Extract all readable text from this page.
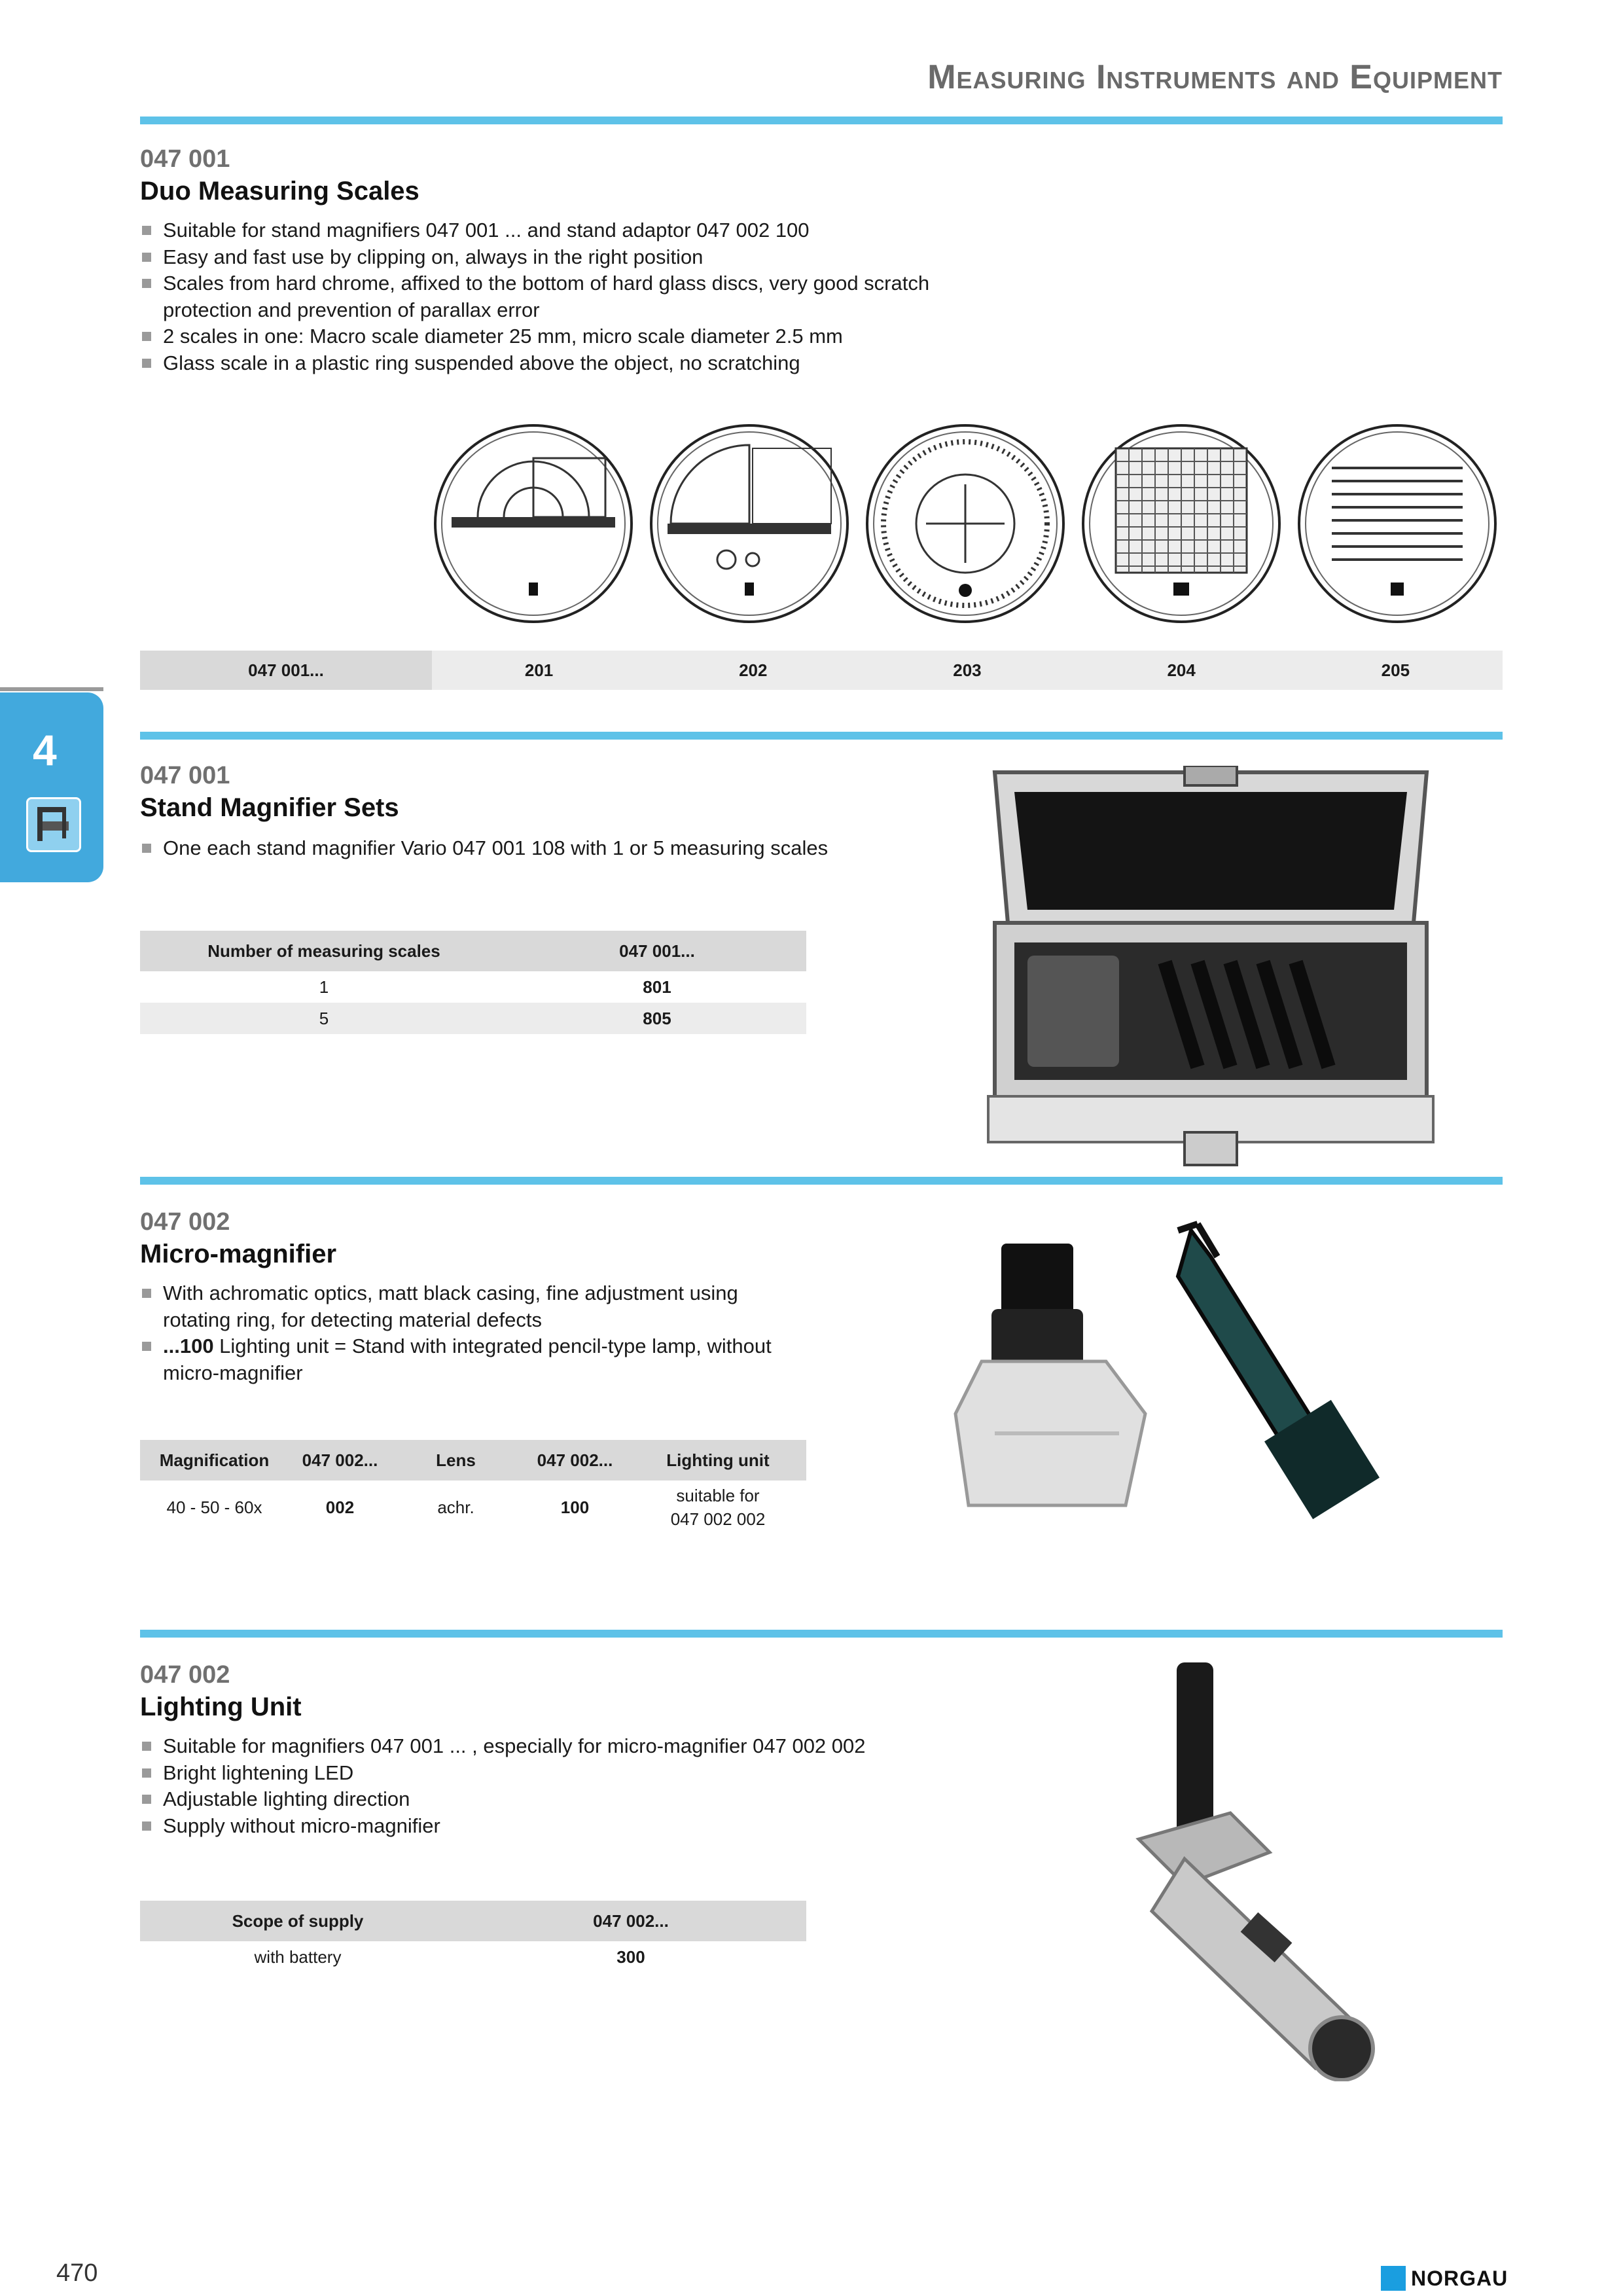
Measuring Instruments and Equipment
4
047 001
Duo Measuring Scales
Suitable for stand magnifiers 047 001 ... and stand adaptor 047 002 100
Easy and fast use by clipping on, always in the right position
Scales from hard chrome, affixed to the bottom of hard glass discs, very good scratch protection and prevention of parallax error
2 scales in one: Macro scale diameter 25 mm, micro scale diameter 2.5 mm
Glass scale in a plastic ring suspended above the object, no scratching
047 001...	201	202	203	204	205
047 001
Stand Magnifier Sets
One each stand magnifier Vario 047 001 108 with 1 or 5 measuring scales
Number of measuring scales	047 001...
1	801
5	805
047 002
Micro-magnifier
With achromatic optics, matt black casing, fine adjustment using rotating ring, for detecting material defects
...100 Lighting unit = Stand with integrated pencil-type lamp, without micro-magnifier
Magnification	047 002...	Lens	047 002...	Lighting unit
40 - 50 - 60x	002	achr.	100	suitable for
047 002 002
047 002
Lighting Unit
Suitable for magnifiers 047 001 ... , especially for micro-magnifier 047 002 002
Bright lightening LED
Adjustable lighting direction
Supply without micro-magnifier
Scope of supply	047 002...
with battery	300
470	NORGAU
